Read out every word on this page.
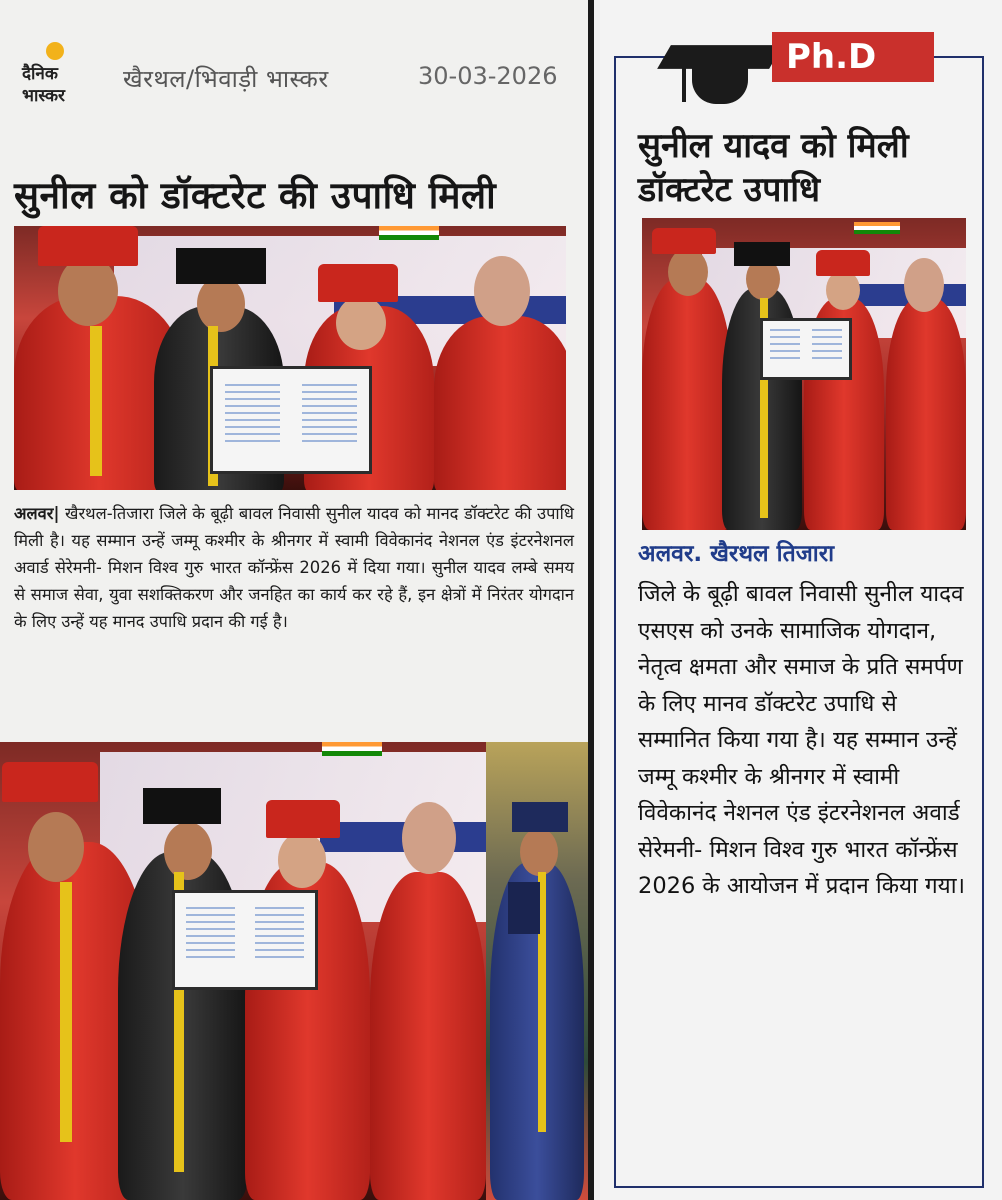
दैनिक
भास्कर
खैरथल/भिवाड़ी भास्कर	30-03-2026
सुनील को डॉक्टरेट की उपाधि मिली
अलवर| खैरथल-तिजारा जिले के बूढ़ी बावल निवासी सुनील यादव को मानद डॉक्टरेट की उपाधि मिली है। यह सम्मान उन्हें जम्मू कश्मीर के श्रीनगर में स्वामी विवेकानंद नेशनल एंड इंटरनेशनल अवार्ड सेरेमनी- मिशन विश्व गुरु भारत कॉन्फ्रेंस 2026 में दिया गया। सुनील यादव लम्बे समय से समाज सेवा, युवा सशक्तिकरण और जनहित का कार्य कर रहे हैं, इन क्षेत्रों में निरंतर योगदान के लिए उन्हें यह मानद उपाधि प्रदान की गई है।
Ph.D
सुनील यादव को मिली डॉक्टरेट उपाधि
अलवर. खैरथल तिजारा
जिले के बूढ़ी बावल निवासी सुनील यादव एसएस को उनके सामाजिक योगदान, नेतृत्व क्षमता और समाज के प्रति समर्पण के लिए मानव डॉक्टरेट उपाधि से सम्मानित किया गया है। यह सम्मान उन्हें जम्मू कश्मीर के श्रीनगर में स्वामी विवेकानंद नेशनल एंड इंटरनेशनल अवार्ड सेरेमनी- मिशन विश्व गुरु भारत कॉन्फ्रेंस 2026 के आयोजन में प्रदान किया गया।
